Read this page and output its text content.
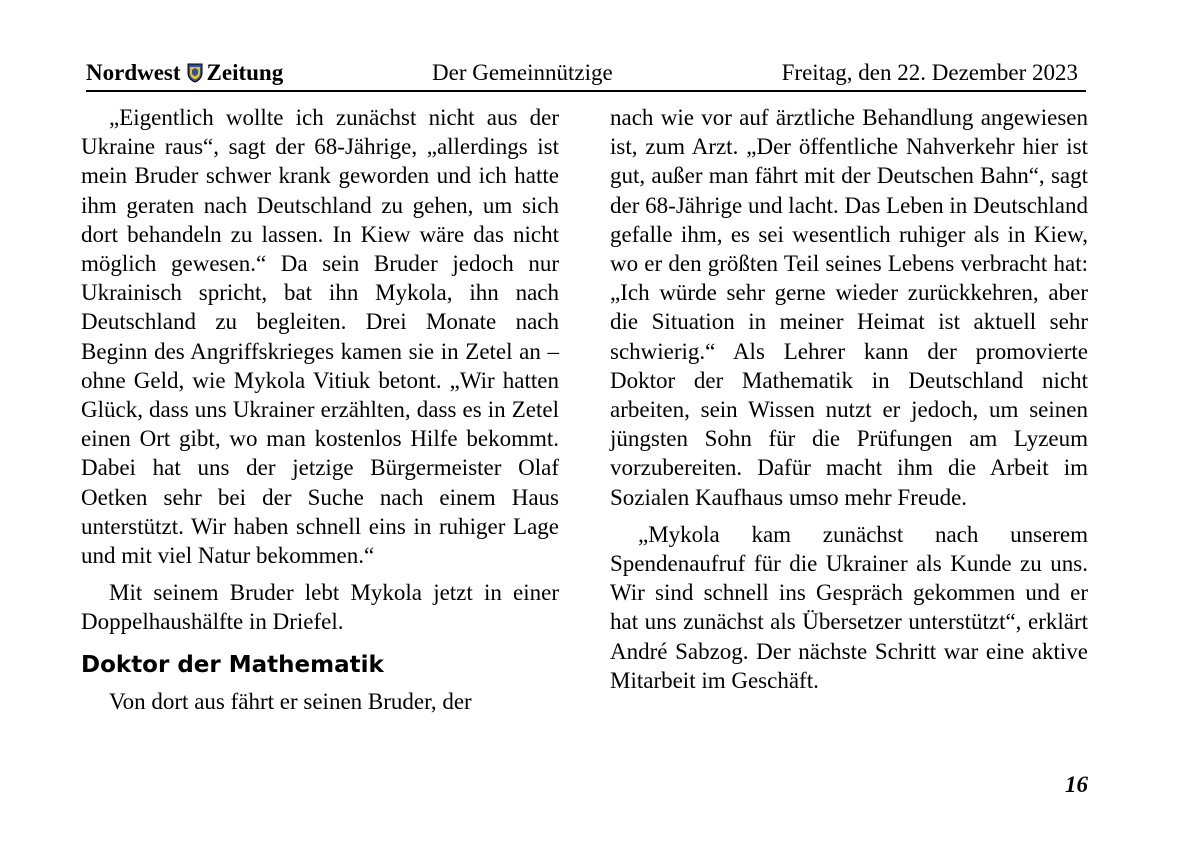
Nordwest Zeitung	Der Gemeinnützige	Freitag, den 22. Dezember 2023

„Eigentlich wollte ich zunächst nicht aus der Ukraine raus“, sagt der 68-Jährige, „allerdings ist mein Bruder schwer krank geworden und ich hatte ihm geraten nach Deutschland zu gehen, um sich dort behandeln zu lassen. In Kiew wäre das nicht möglich gewesen.“ Da sein Bruder jedoch nur Ukrainisch spricht, bat ihn Mykola, ihn nach Deutschland zu begleiten. Drei Monate nach Beginn des Angriffskrieges kamen sie in Zetel an – ohne Geld, wie Mykola Vitiuk betont. „Wir hatten Glück, dass uns Ukrainer erzählten, dass es in Zetel einen Ort gibt, wo man kostenlos Hilfe bekommt. Dabei hat uns der jetzige Bürgermeister Olaf Oetken sehr bei der Suche nach einem Haus unterstützt. Wir haben schnell eins in ruhiger Lage und mit viel Natur bekommen.“

Mit seinem Bruder lebt Mykola jetzt in einer Doppelhaushälfte in Driefel.

Doktor der Mathematik

Von dort aus fährt er seinen Bruder, der

nach wie vor auf ärztliche Behandlung angewiesen ist, zum Arzt. „Der öffentliche Nahverkehr hier ist gut, außer man fährt mit der Deutschen Bahn“, sagt der 68-Jährige und lacht. Das Leben in Deutschland gefalle ihm, es sei wesentlich ruhiger als in Kiew, wo er den größten Teil seines Lebens verbracht hat: „Ich würde sehr gerne wieder zurückkehren, aber die Situation in meiner Heimat ist aktuell sehr schwierig.“ Als Lehrer kann der promovierte Doktor der Mathematik in Deutschland nicht arbeiten, sein Wissen nutzt er jedoch, um seinen jüngsten Sohn für die Prüfungen am Lyzeum vorzubereiten. Dafür macht ihm die Arbeit im Sozialen Kaufhaus umso mehr Freude.

„Mykola kam zunächst nach unserem Spendenaufruf für die Ukrainer als Kunde zu uns. Wir sind schnell ins Gespräch gekommen und er hat uns zunächst als Übersetzer unterstützt“, erklärt André Sabzog. Der nächste Schritt war eine aktive Mitarbeit im Geschäft.

16
